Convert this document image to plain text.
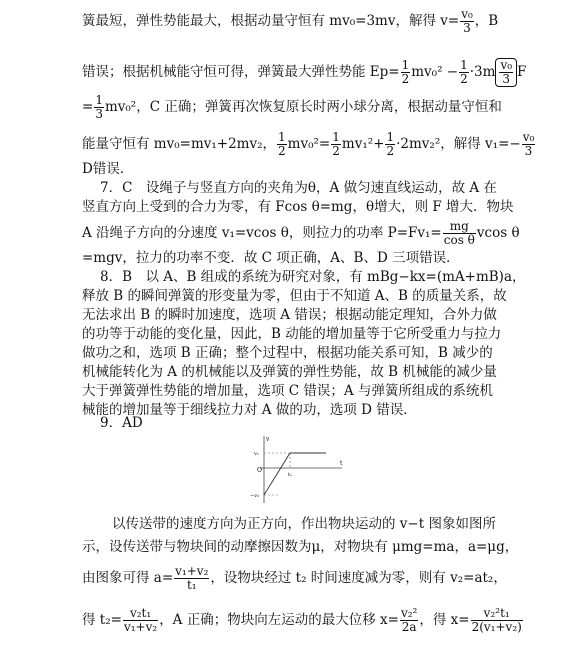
簧最短，弹性势能最大，根据动量守恒有 mv₀=3mv，解得 $v= \frac{\text{v₀}}{3}$ ，B
错误；根据机械能守恒可得，弹簧最大弹性势能 $Ep= \frac{1}{2} mv_0^2 - \frac{1}{2} \cdot 3m \frac{\text{v₀}}{3}$ F
= $\frac{1}{3} mv_0^2$，C 正确；弹簧再次恢复原长时两小球分离，根据动量守恒和
能量守恒有 mv₀=mv₁+2mv₂， $\frac{1}{2} mv_0^2= \frac{1}{2} mv_1^2+ \frac{1}{2} \cdot 2mv_2^2$，解得 $v_1=- \frac{\text{v₀}}{3}$
D错误．
7．C　设绳子与竖直方向的夹角为θ，A 做匀速直线运动，故 A 在
竖直方向上受到的合力为零，有 Fcos θ=mg，θ增大，则 F 增大．物块
A 沿绳子方向的分速度 v₁=vcos θ，则拉力的功率 $P=Fv_1= \frac{mg}{\text{cos θ}}$ vcos θ
=mgv，拉力的功率不变．故 C 项正确，A、B、D 三项错误．
8．B　以 A、B 组成的系统为研究对象，有 mBg−kx=(mA+mB)a，
释放 B 的瞬间弹簧的形变量为零，但由于不知道 A、B 的质量关系，故
无法求出 B 的瞬时加速度，选项 A 错误；根据动能定理知，合外力做
的功等于动能的变化量，因此，B 动能的增加量等于它所受重力与拉力
做功之和，选项 B 正确；整个过程中，根据功能关系可知，B 减少的
机械能转化为 A 的机械能以及弹簧的弹性势能，故 B 机械能的减少量
大于弹簧弹性势能的增加量，选项 C 错误；A 与弹簧所组成的系统机
械能的增加量等于细线拉力对 A 做的功，选项 D 错误．
9．AD
v
t
O
v₁
−v₂
t₁
以传送带的速度方向为正方向，作出物块运动的 v−t 图象如图所
示，设传送带与物块间的动摩擦因数为μ，对物块有 μmg=ma，a=μg，
由图象可得 $a= \frac{\text{v₁+v₂}}{\text{t₁}}$ ，设物块经过 t₂ 时间速度减为零，则有 v₂=at₂，
得 $t_2= \frac{\text{v₂t₁}}{\text{v₁+v₂}}$ ，A 正确；物块向左运动的最大位移 $x= \frac{\text{v₂²}}{2a}$ ，得 $x= \frac{\text{v₂²t₁}}{\text{2(v₁+v₂)}}$
